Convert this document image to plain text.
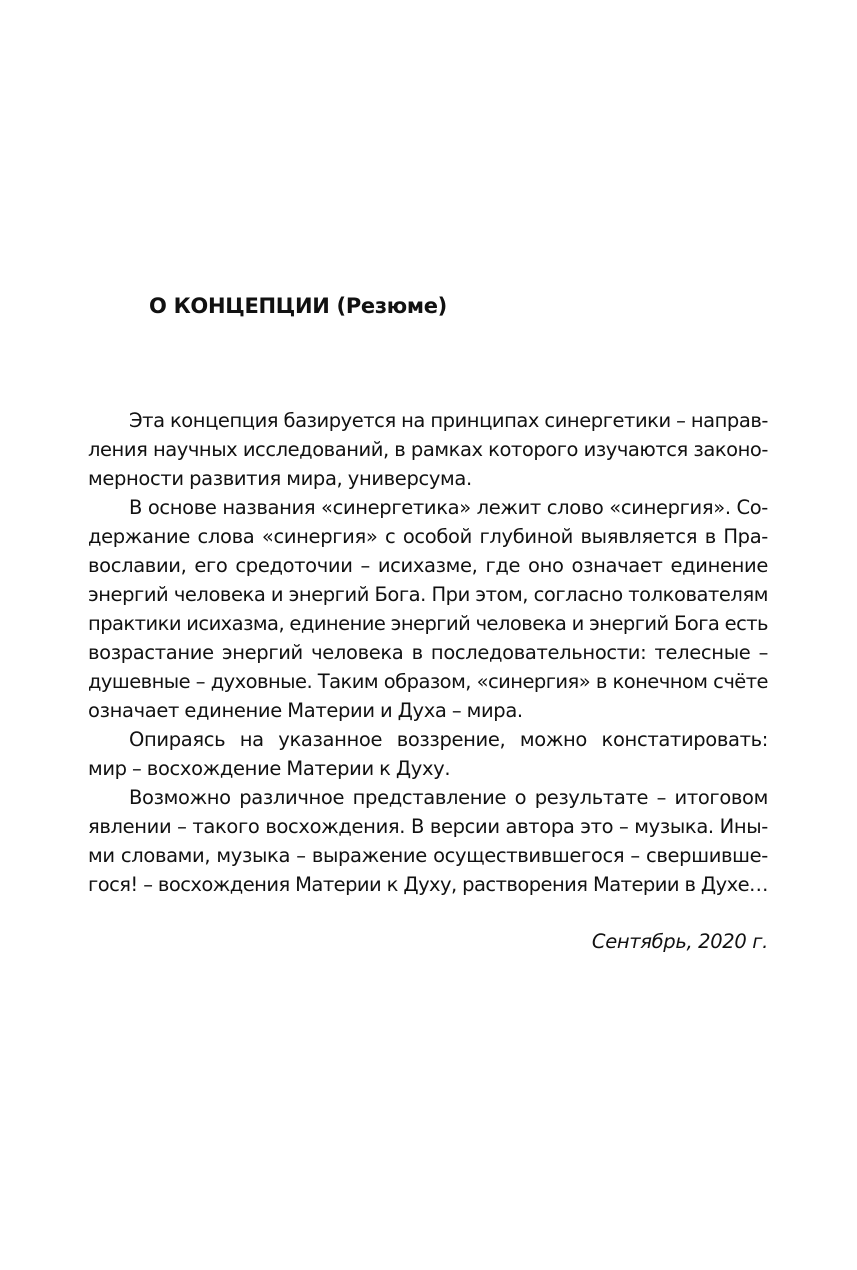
О КОНЦЕПЦИИ (Резюме)
Эта концепция базируется на принципах синергетики – направ-
ления научных исследований, в рамках которого изучаются законо-
мерности развития мира, универсума.
В основе названия «синергетика» лежит слово «синергия». Со-
держание слова «синергия» с особой глубиной выявляется в Пра-
вославии, его средоточии – исихазме, где оно означает единение
энергий человека и энергий Бога. При этом, согласно толкователям
практики исихазма, единение энергий человека и энергий Бога есть
возрастание энергий человека в последовательности: телесные –
душевные – духовные. Таким образом, «синергия» в конечном счёте
означает единение Материи и Духа – мира.
Опираясь на указанное воззрение, можно констатировать:
мир – восхождение Материи к Духу.
Возможно различное представление о результате – итоговом
явлении – такого восхождения. В версии автора это – музыка. Ины-
ми словами, музыка – выражение осуществившегося – свершивше-
гося! – восхождения Материи к Духу, растворения Материи в Духе…
Сентябрь, 2020 г.
